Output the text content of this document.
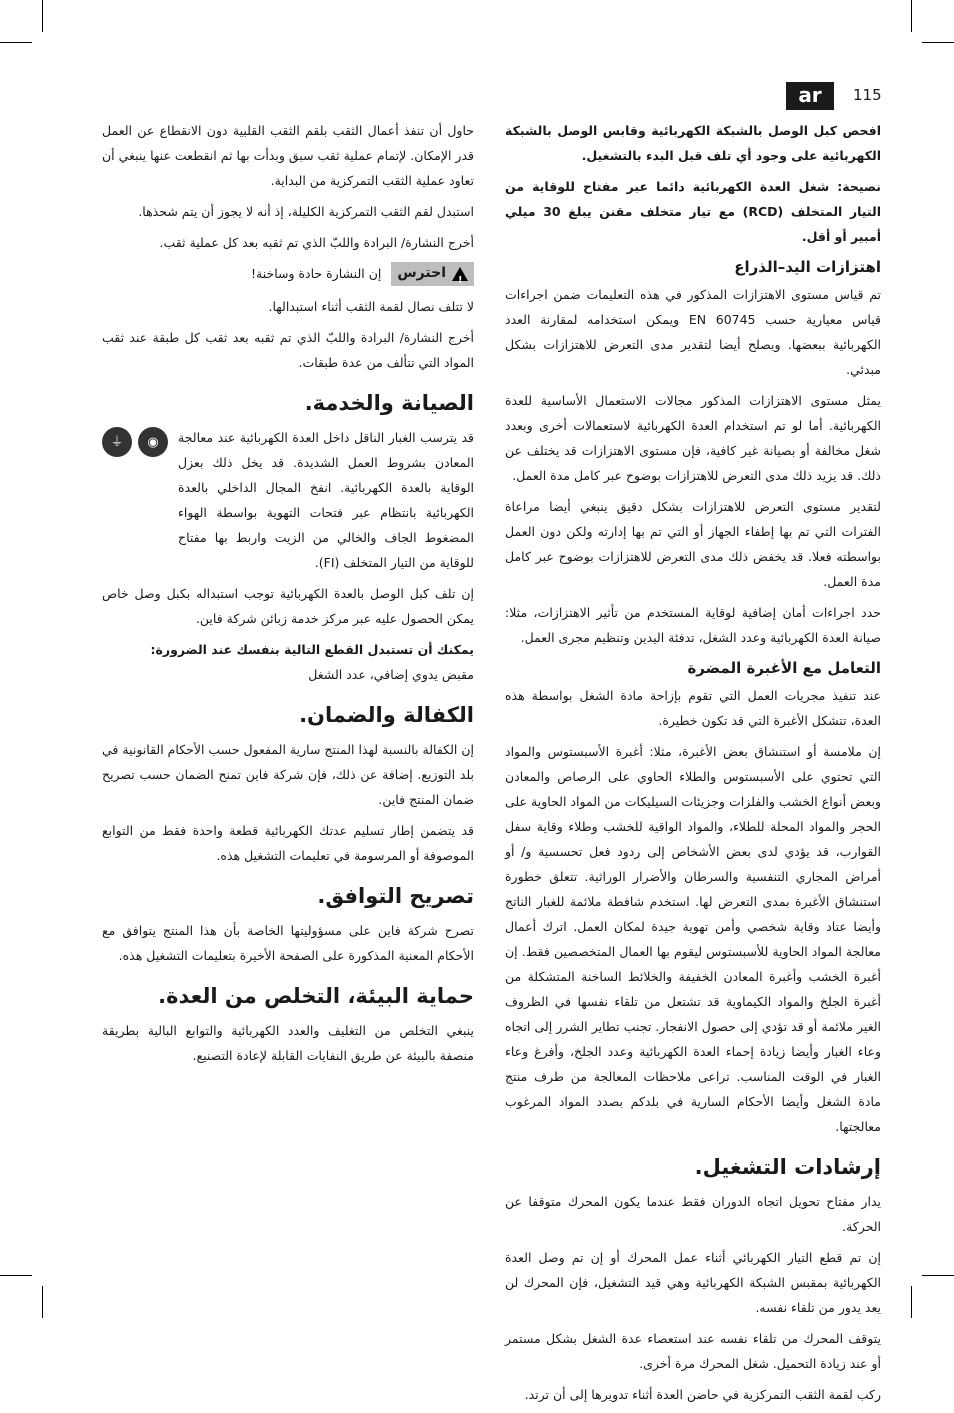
ar	115

افحص كبل الوصل بالشبكة الكهربائية وقابس الوصل بالشبكة الكهربائية على وجود أي تلف قبل البدء بالتشغيل.

نصيحة: شغل العدة الكهربائية دائما عبر مفتاح للوقاية من التيار المتخلف (RCD) مع تيار متخلف مقنن يبلغ 30 ميلي أمبير أو أقل.

اهتزازات اليد–الذراع

تم قياس مستوى الاهتزازات المذكور في هذه التعليمات ضمن اجراءات قياس معيارية حسب EN 60745 ويمكن استخدامه لمقارنة العدد الكهربائية ببعضها. ويصلح أيضا لتقدير مدى التعرض للاهتزازات بشكل مبدئي.

يمثل مستوى الاهتزازات المذكور مجالات الاستعمال الأساسية للعدة الكهربائية. أما لو تم استخدام العدة الكهربائية لاستعمالات أخرى وبعدد شغل مخالفة أو بصيانة غير كافية، فإن مستوى الاهتزازات قد يختلف عن ذلك. قد يزيد ذلك مدى التعرض للاهتزازات بوضوح عبر كامل مدة العمل.

لتقدير مستوى التعرض للاهتزازات بشكل دقيق ينبغي أيضا مراعاة الفترات التي تم بها إطفاء الجهاز أو التي تم بها إدارته ولكن دون العمل بواسطته فعلا. قد يخفض ذلك مدى التعرض للاهتزازات بوضوح عبر كامل مدة العمل.

حدد اجراءات أمان إضافية لوقاية المستخدم من تأثير الاهتزازات، مثلا: صيانة العدة الكهربائية وعدد الشغل، تدفئة اليدين وتنظيم مجرى العمل.

التعامل مع الأغبرة المضرة

عند تنفيذ مجريات العمل التي تقوم بإزاحة مادة الشغل بواسطة هذه العدة، تتشكل الأغبرة التي قد تكون خطيرة.

إن ملامسة أو استنشاق بعض الأغبرة، مثلا: أغبرة الأسبستوس والمواد التي تحتوي على الأسبستوس والطلاء الحاوي على الرصاص والمعادن وبعض أنواع الخشب والفلزات وجزيئات السيليكات من المواد الحاوية على الحجر والمواد المحلة للطلاء، والمواد الواقية للخشب وطلاء وقاية سفل القوارب، قد يؤدي لدى بعض الأشخاص إلى ردود فعل تحسسية و/ أو أمراض المجاري التنفسية والسرطان والأضرار الوراثية. تتعلق خطورة استنشاق الأغبرة بمدى التعرض لها. استخدم شافطة ملائمة للغبار الناتج وأيضا عتاد وقاية شخصي وأمن تهوية جيدة لمكان العمل. اترك أعمال معالجة المواد الحاوية للأسبستوس ليقوم بها العمال المتخصصين فقط. إن أغبرة الخشب وأغبرة المعادن الخفيفة والخلائط الساخنة المتشكلة من أغبرة الجلخ والمواد الكيماوية قد تشتعل من تلقاء نفسها في الظروف الغير ملائمة أو قد تؤدي إلى حصول الانفجار. تجنب تطاير الشرر إلى اتجاه وعاء الغبار وأيضا زيادة إحماء العدة الكهربائية وعدد الجلخ، وأفرغ وعاء الغبار في الوقت المناسب. تراعى ملاحظات المعالجة من طرف منتج مادة الشغل وأيضا الأحكام السارية في بلدكم بصدد المواد المرغوب معالجتها.

إرشادات التشغيل.

يدار مفتاح تحويل اتجاه الدوران فقط عندما يكون المحرك متوقفا عن الحركة.

إن تم قطع التيار الكهربائي أثناء عمل المحرك أو إن تم وصل العدة الكهربائية بمقبس الشبكة الكهربائية وهي قيد التشغيل، فإن المحرك لن يعد يدور من تلقاء نفسه.

يتوقف المحرك من تلقاء نفسه عند استعصاء عدة الشغل بشكل مستمر أو عند زيادة التحميل. شغل المحرك مرة أخرى.

ركب لقمة الثقب التمركزية في حاضن العدة أثناء تدويرها إلى أن ترتد.

حاول أن تنفذ أعمال الثقب بلقم الثقب القلبية دون الانقطاع عن العمل قدر الإمكان. لإتمام عملية ثقب سبق وبدأت بها ثم انقطعت عنها ينبغي أن تعاود عملية الثقب التمركزية من البداية.

استبدل لقم الثقب التمركزية الكليلة، إذ أنه لا يجوز أن يتم شحذها.

أخرج النشارة/ البرادة واللبّ الذي تم ثقبه بعد كل عملية ثقب.

!
احترس
إن النشارة حادة وساخنة!

لا تتلف نصال لقمة الثقب أثناء استبدالها.

أخرج النشارة/ البرادة واللبّ الذي تم ثقبه بعد ثقب كل طبقة عند ثقب المواد التي تتألف من عدة طبقات.

الصيانة والخدمة.

قد يترسب الغبار الناقل داخل العدة الكهربائية عند معالجة المعادن بشروط العمل الشديدة. قد يخل ذلك بعزل الوقاية بالعدة الكهربائية. انفخ المجال الداخلي بالعدة الكهربائية بانتظام عبر فتحات التهوية بواسطة الهواء المضغوط الجاف والخالي من الزيت واربط بها مفتاح للوقاية من التيار المتخلف (FI).

◉
⏚

إن تلف كبل الوصل بالعدة الكهربائية توجب استبداله بكبل وصل خاص يمكن الحصول عليه عبر مركز خدمة زبائن شركة فاين.

يمكنك أن تستبدل القطع التالية بنفسك عند الضرورة:

مقبض يدوي إضافي، عدد الشغل

الكفالة والضمان.

إن الكفالة بالنسبة لهذا المنتج سارية المفعول حسب الأحكام القانونية في بلد التوزيع. إضافة عن ذلك، فإن شركة فاين تمنح الضمان حسب تصريح ضمان المنتج فاين.

قد يتضمن إطار تسليم عدتك الكهربائية قطعة واحدة فقط من التوابع الموصوفة أو المرسومة في تعليمات التشغيل هذه.

تصريح التوافق.

تصرح شركة فاين على مسؤوليتها الخاصة بأن هذا المنتج يتوافق مع الأحكام المعنية المذكورة على الصفحة الأخيرة بتعليمات التشغيل هذه.

حماية البيئة، التخلص من العدة.

ينبغي التخلص من التغليف والعدد الكهربائية والتوابع البالية بطريقة منصفة بالبيئة عن طريق النفايات القابلة لإعادة التصنيع.
